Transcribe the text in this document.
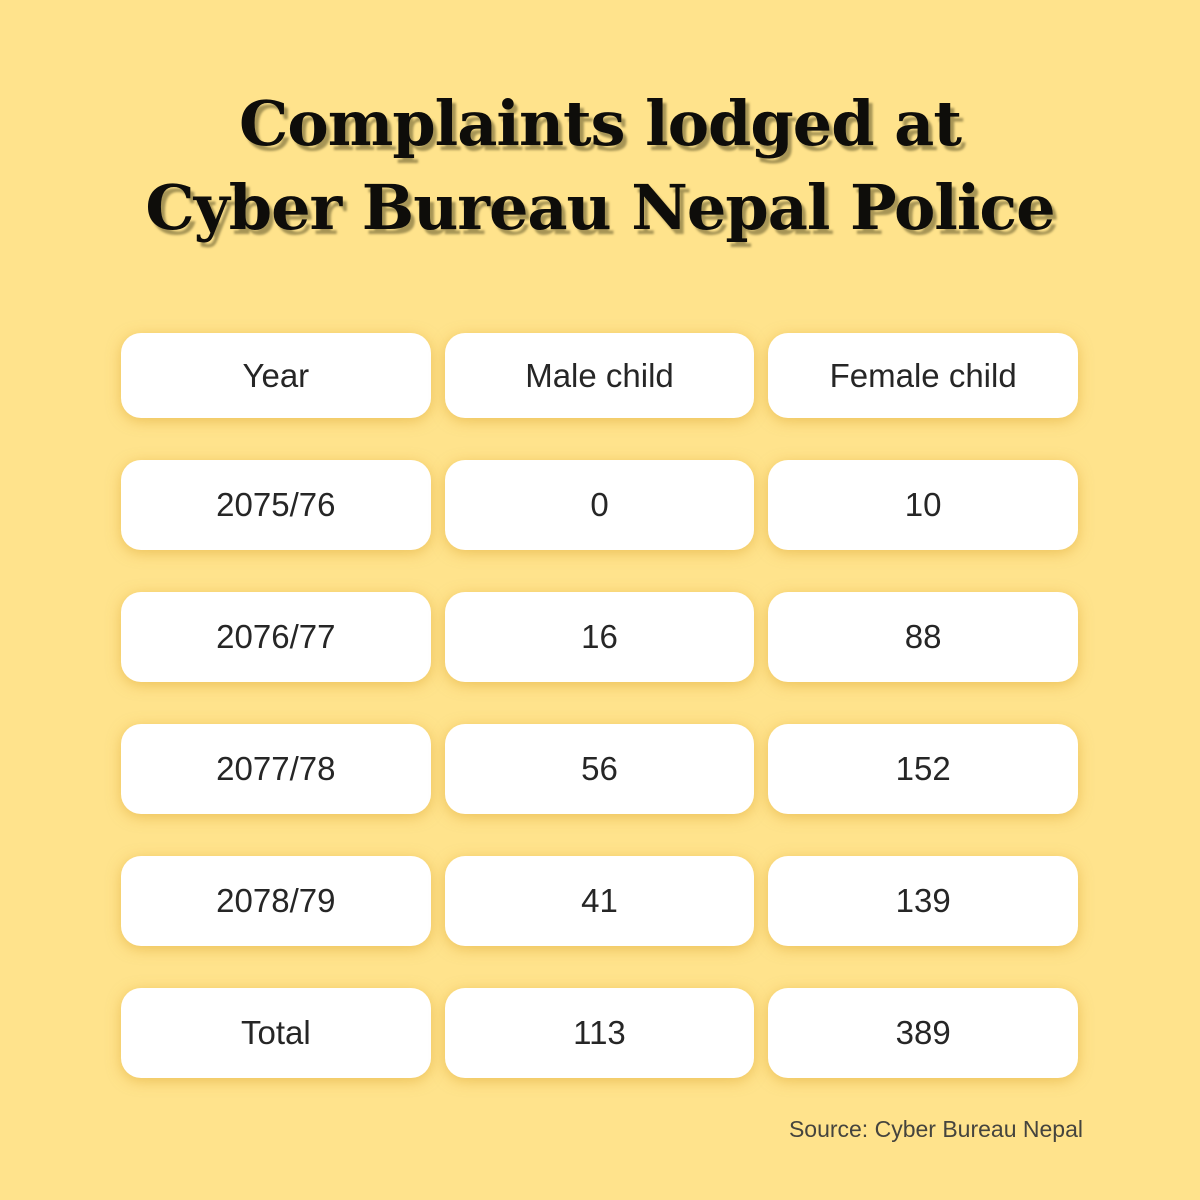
Complaints lodged at
Cyber Bureau Nepal Police
Year	Male child	Female child
2075/76	0	10
2076/77	16	88
2077/78	56	152
2078/79	41	139
Total	113	389
Source: Cyber Bureau Nepal
